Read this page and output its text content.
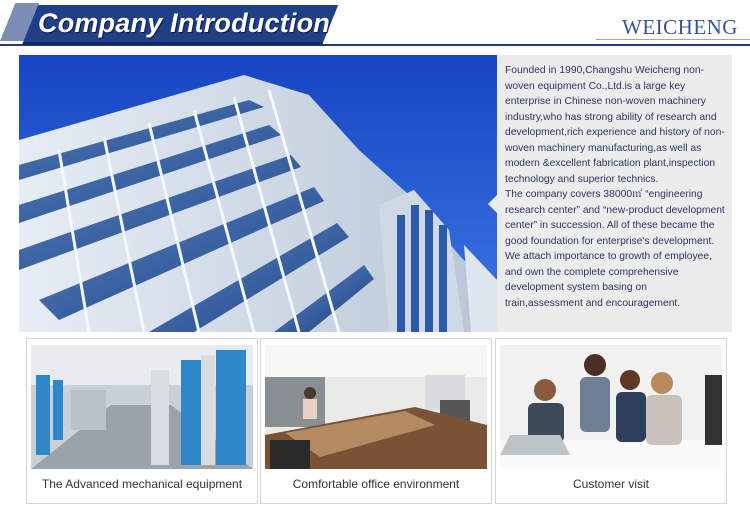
Company Introduction	WEICHENG

Founded in 1990,Changshu Weicheng non-woven equipment Co.,Ltd.is a large key enterprise in Chinese non-woven machinery industry,who has strong ability of research and development,rich experience and history of non-woven machinery manufacturing,as well as modern &excellent fabrication plant,inspection technology and superior technics.

The company covers 38000㎡ “engineering research center” and “new-product development center” in succession. All of these became the good foundation for enterprise's development. We attach importance to growth of employee, and own the complete comprehensive development system basing on train,assessment and encouragement.

The Advanced mechanical equipment	Comfortable office environment	Customer visit
